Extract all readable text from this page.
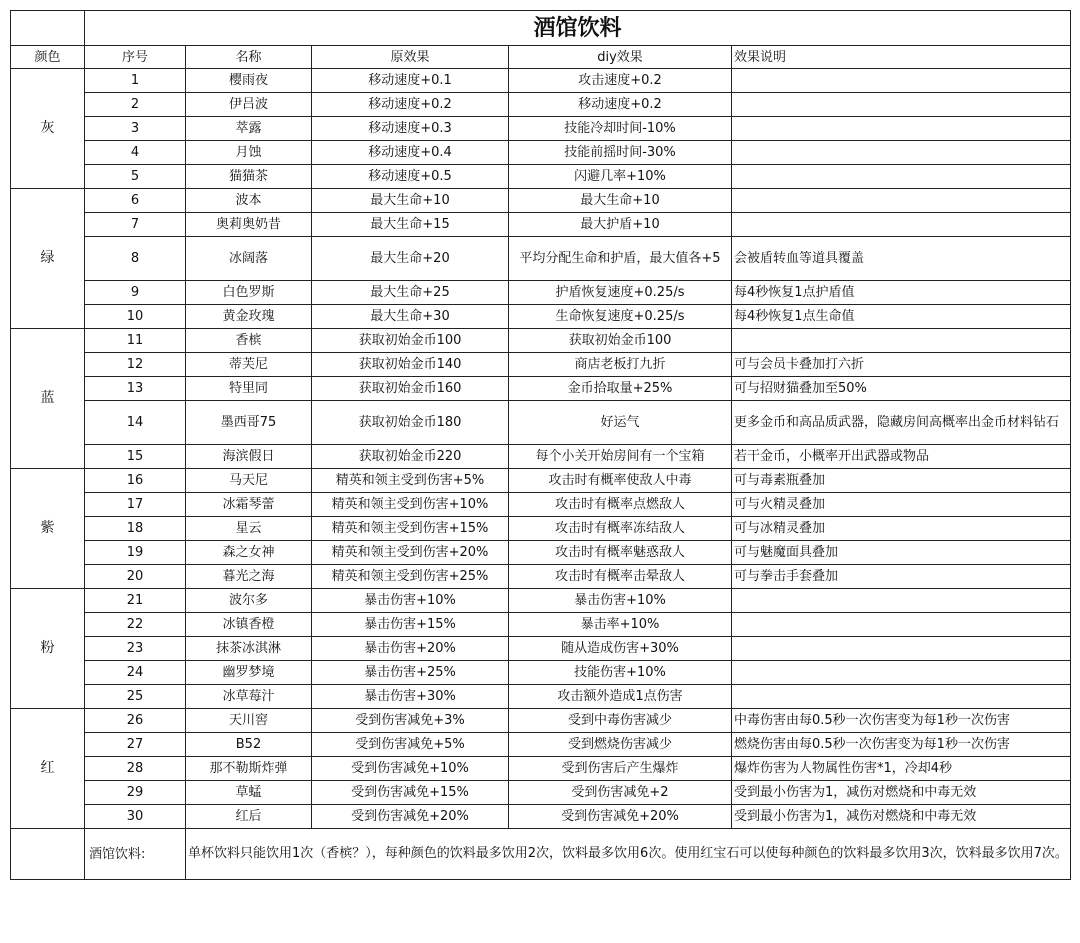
	酒馆饮料				
颜色	序号	名称	原效果	diy效果	效果说明
灰	1	樱雨夜	移动速度+0.1	攻击速度+0.2	
	2	伊吕波	移动速度+0.2	移动速度+0.2	
	3	萃露	移动速度+0.3	技能冷却时间-10%	
	4	月蚀	移动速度+0.4	技能前摇时间-30%	
	5	猫猫茶	移动速度+0.5	闪避几率+10%	
绿	6	波本	最大生命+10	最大生命+10	
	7	奥莉奥奶昔	最大生命+15	最大护盾+10	
	8	冰阔落	最大生命+20	平均分配生命和护盾，最大值各+5	会被盾转血等道具覆盖
	9	白色罗斯	最大生命+25	护盾恢复速度+0.25/s	每4秒恢复1点护盾值
	10	黄金玫瑰	最大生命+30	生命恢复速度+0.25/s	每4秒恢复1点生命值
蓝	11	香槟	获取初始金币100	获取初始金币100	
	12	蒂芙尼	获取初始金币140	商店老板打九折	可与会员卡叠加打六折
	13	特里同	获取初始金币160	金币拾取量+25%	可与招财猫叠加至50%
	14	墨西哥75	获取初始金币180	好运气	更多金币和高品质武器，隐藏房间高概率出金币材料钻石
	15	海滨假日	获取初始金币220	每个小关开始房间有一个宝箱	若干金币，小概率开出武器或物品
紫	16	马天尼	精英和领主受到伤害+5%	攻击时有概率使敌人中毒	可与毒素瓶叠加
	17	冰霜琴蕾	精英和领主受到伤害+10%	攻击时有概率点燃敌人	可与火精灵叠加
	18	星云	精英和领主受到伤害+15%	攻击时有概率冻结敌人	可与冰精灵叠加
	19	森之女神	精英和领主受到伤害+20%	攻击时有概率魅惑敌人	可与魅魔面具叠加
	20	暮光之海	精英和领主受到伤害+25%	攻击时有概率击晕敌人	可与拳击手套叠加
粉	21	波尔多	暴击伤害+10%	暴击伤害+10%	
	22	冰镇香橙	暴击伤害+15%	暴击率+10%	
	23	抹茶冰淇淋	暴击伤害+20%	随从造成伤害+30%	
	24	幽罗梦境	暴击伤害+25%	技能伤害+10%	
	25	冰草莓汁	暴击伤害+30%	攻击额外造成1点伤害	
红	26	天川窖	受到伤害减免+3%	受到中毒伤害减少	中毒伤害由每0.5秒一次伤害变为每1秒一次伤害
	27	B52	受到伤害减免+5%	受到燃烧伤害减少	燃烧伤害由每0.5秒一次伤害变为每1秒一次伤害
	28	那不勒斯炸弹	受到伤害减免+10%	受到伤害后产生爆炸	爆炸伤害为人物属性伤害*1，冷却4秒
	29	草蜢	受到伤害减免+15%	受到伤害减免+2	受到最小伤害为1，减伤对燃烧和中毒无效
	30	红后	受到伤害减免+20%	受到伤害减免+20%	受到最小伤害为1，减伤对燃烧和中毒无效
	酒馆饮料:	单杯饮料只能饮用1次（香槟？），每种颜色的饮料最多饮用2次，饮料最多饮用6次。使用红宝石可以使每种颜色的饮料最多饮用3次，饮料最多饮用7次。			
